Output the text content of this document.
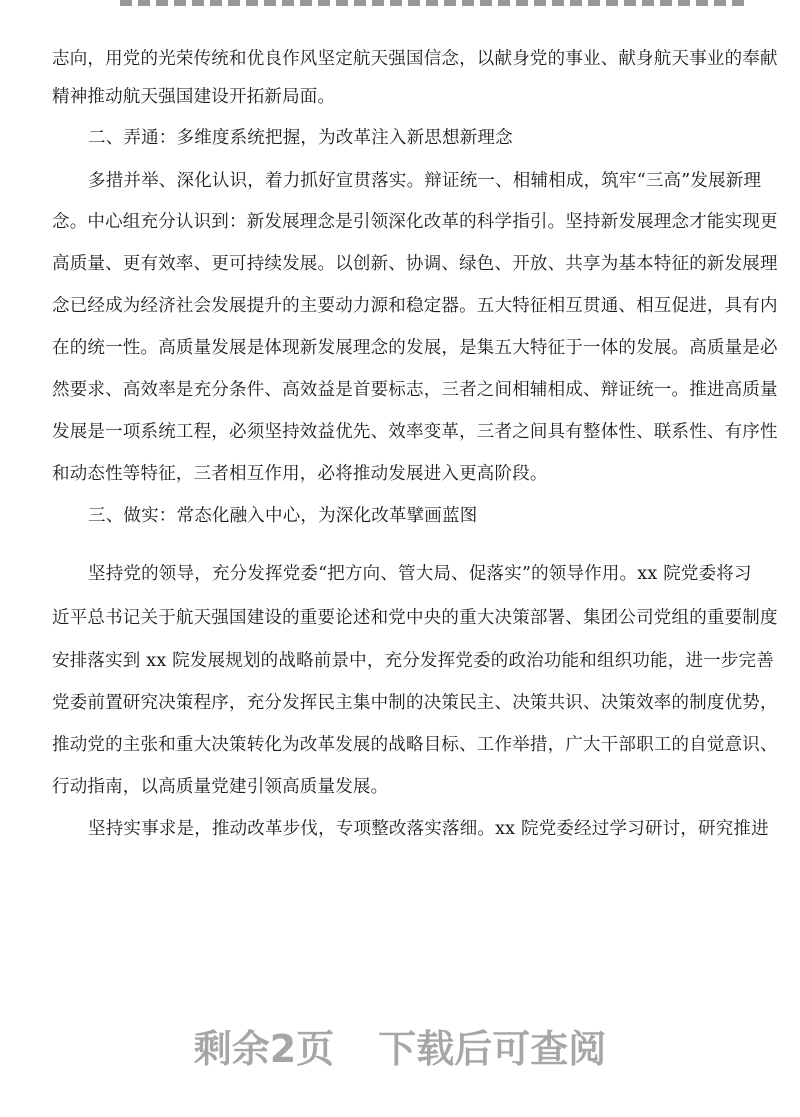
志向，用党的光荣传统和优良作风坚定航天强国信念，以献身党的事业、献身航天事业的奉献
精神推动航天强国建设开拓新局面。
二、弄通：多维度系统把握，为改革注入新思想新理念
多措并举、深化认识，着力抓好宣贯落实。辩证统一、相辅相成，筑牢“三高”发展新理
念。中心组充分认识到：新发展理念是引领深化改革的科学指引。坚持新发展理念才能实现更
高质量、更有效率、更可持续发展。以创新、协调、绿色、开放、共享为基本特征的新发展理
念已经成为经济社会发展提升的主要动力源和稳定器。五大特征相互贯通、相互促进，具有内
在的统一性。高质量发展是体现新发展理念的发展，是集五大特征于一体的发展。高质量是必
然要求、高效率是充分条件、高效益是首要标志，三者之间相辅相成、辩证统一。推进高质量
发展是一项系统工程，必须坚持效益优先、效率变革，三者之间具有整体性、联系性、有序性
和动态性等特征，三者相互作用，必将推动发展进入更高阶段。
三、做实：常态化融入中心，为深化改革擘画蓝图
坚持党的领导，充分发挥党委“把方向、管大局、促落实”的领导作用。xx 院党委将习
近平总书记关于航天强国建设的重要论述和党中央的重大决策部署、集团公司党组的重要制度
安排落实到 xx 院发展规划的战略前景中，充分发挥党委的政治功能和组织功能，进一步完善
党委前置研究决策程序，充分发挥民主集中制的决策民主、决策共识、决策效率的制度优势，
推动党的主张和重大决策转化为改革发展的战略目标、工作举措，广大干部职工的自觉意识、
行动指南，以高质量党建引领高质量发展。
坚持实事求是，推动改革步伐，专项整改落实落细。xx 院党委经过学习研讨，研究推进
剩余2页 下载后可查阅
